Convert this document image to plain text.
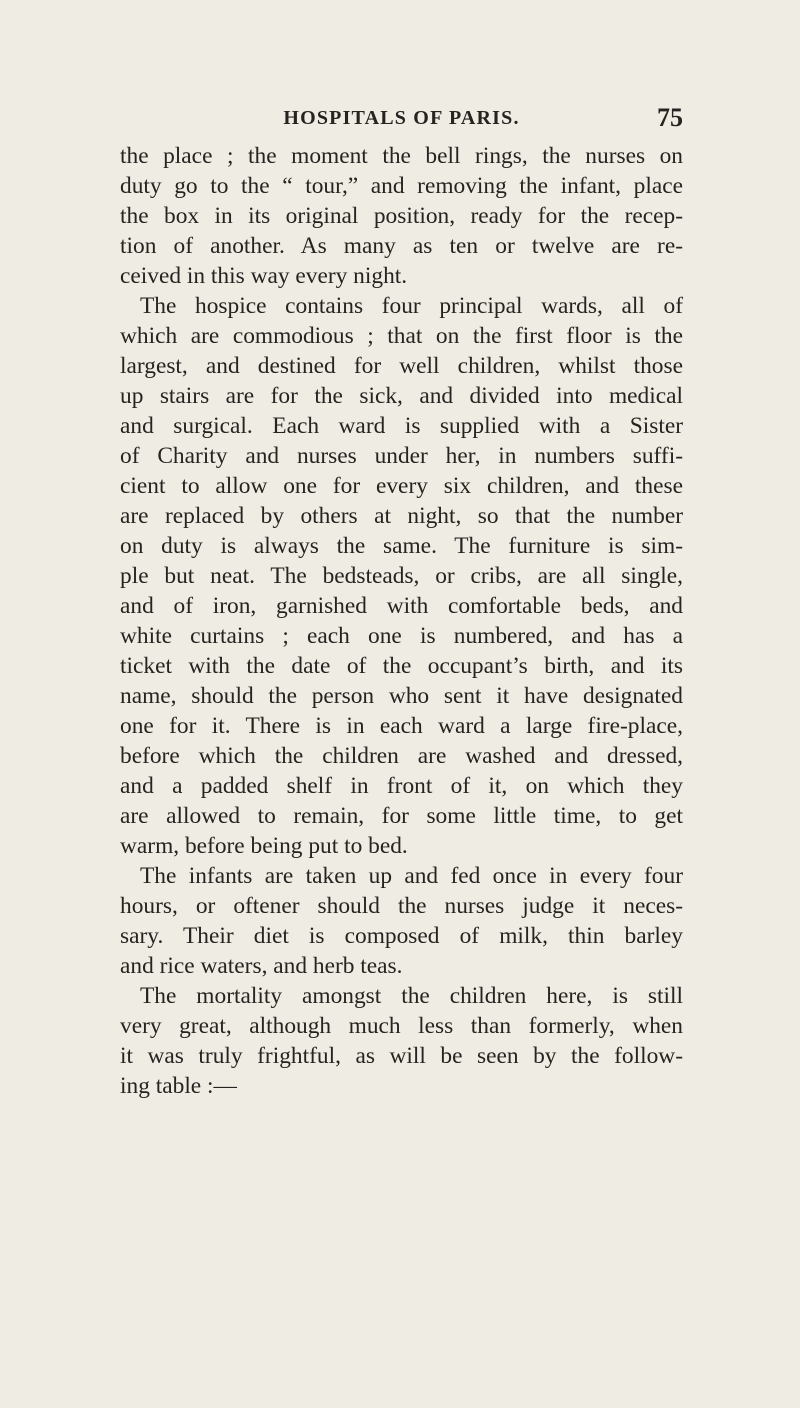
HOSPITALS OF PARIS.	75
the place ; the moment the bell rings, the nurses on
duty go to the “ tour,” and removing the infant, place
the box in its original position, ready for the recep-
tion of another. As many as ten or twelve are re-
ceived in this way every night.
The hospice contains four principal wards, all of
which are commodious ; that on the first floor is the
largest, and destined for well children, whilst those
up stairs are for the sick, and divided into medical
and surgical. Each ward is supplied with a Sister
of Charity and nurses under her, in numbers suffi-
cient to allow one for every six children, and these
are replaced by others at night, so that the number
on duty is always the same. The furniture is sim-
ple but neat. The bedsteads, or cribs, are all single,
and of iron, garnished with comfortable beds, and
white curtains ; each one is numbered, and has a
ticket with the date of the occupant’s birth, and its
name, should the person who sent it have designated
one for it. There is in each ward a large fire-place,
before which the children are washed and dressed,
and a padded shelf in front of it, on which they
are allowed to remain, for some little time, to get
warm, before being put to bed.
The infants are taken up and fed once in every four
hours, or oftener should the nurses judge it neces-
sary. Their diet is composed of milk, thin barley
and rice waters, and herb teas.
The mortality amongst the children here, is still
very great, although much less than formerly, when
it was truly frightful, as will be seen by the follow-
ing table :—
